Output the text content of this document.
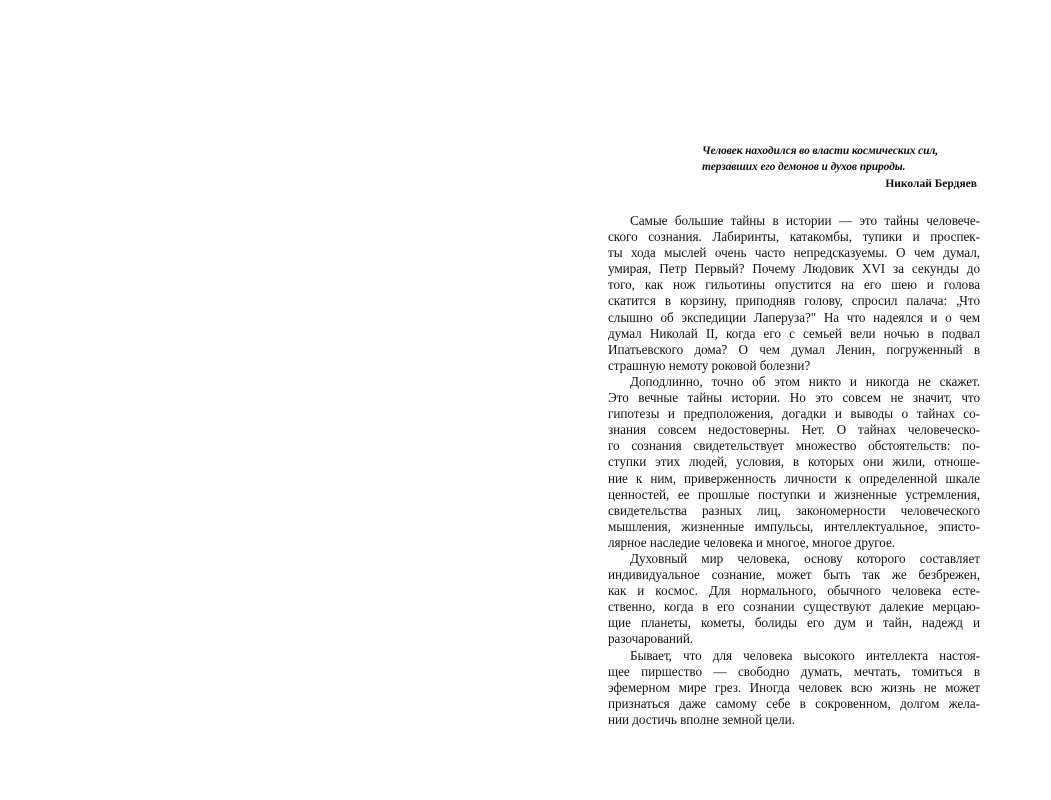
Человек находился во власти космических сил,
терзавших его демонов и духов природы.
Николай Бердяев
Самые большие тайны в истории — это тайны человече-
ского сознания. Лабиринты, катакомбы, тупики и проспек-
ты хода мыслей очень часто непредсказуемы. О чем думал,
умирая, Петр Первый? Почему Людовик XVI за секунды до
того, как нож гильотины опустится на его шею и голова
скатится в корзину, приподняв голову, спросил палача: „Что
слышно об экспедиции Лаперуза?" На что надеялся и о чем
думал Николай II, когда его с семьей вели ночью в подвал
Ипатьевского дома? О чем думал Ленин, погруженный в
страшную немоту роковой болезни?
Доподлинно, точно об этом никто и никогда не скажет.
Это вечные тайны истории. Но это совсем не значит, что
гипотезы и предположения, догадки и выводы о тайнах со-
знания совсем недостоверны. Нет. О тайнах человеческо-
го сознания свидетельствует множество обстоятельств: по-
ступки этих людей, условия, в которых они жили, отноше-
ние к ним, приверженность личности к определенной шкале
ценностей, ее прошлые поступки и жизненные устремления,
свидетельства разных лиц, закономерности человеческого
мышления, жизненные импульсы, интеллектуальное, эписто-
лярное наследие человека и многое, многое другое.
Духовный мир человека, основу которого составляет
индивидуальное сознание, может быть так же безбрежен,
как и космос. Для нормального, обычного человека есте-
ственно, когда в его сознании существуют далекие мерцаю-
щие планеты, кометы, болиды его дум и тайн, надежд и
разочарований.
Бывает, что для человека высокого интеллекта настоя-
щее пиршество — свободно думать, мечтать, томиться в
эфемерном мире грез. Иногда человек всю жизнь не может
признаться даже самому себе в сокровенном, долгом жела-
нии достичь вполне земной цели.
